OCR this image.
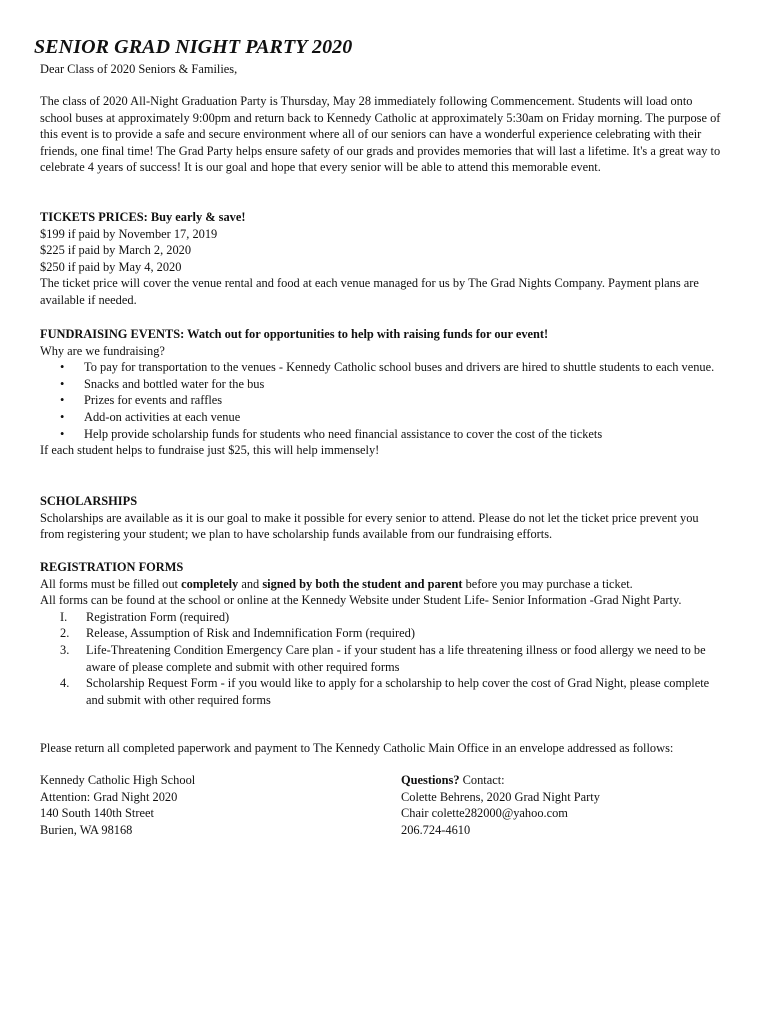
SENIOR GRAD NIGHT PARTY 2020

Dear Class of 2020 Seniors & Families,

The class of 2020 All-Night Graduation Party is Thursday, May 28 immediately following Commencement. Students will load onto school buses at approximately 9:00pm and return back to Kennedy Catholic at approximately 5:30am on Friday morning. The purpose of this event is to provide a safe and secure environment where all of our seniors can have a wonderful experience celebrating with their friends, one final time! The Grad Party helps ensure safety of our grads and provides memories that will last a lifetime. It's a great way to celebrate 4 years of success! It is our goal and hope that every senior will be able to attend this memorable event.

TICKETS PRICES: Buy early & save!
$199 if paid by November 17, 2019
$225 if paid by March 2, 2020
$250 if paid by May 4, 2020
The ticket price will cover the venue rental and food at each venue managed for us by The Grad Nights Company. Payment plans are available if needed.
FUNDRAISING EVENTS: Watch out for opportunities to help with raising funds for our event!
Why are we fundraising?
• To pay for transportation to the venues - Kennedy Catholic school buses and drivers are hired to shuttle students to each venue.
• Snacks and bottled water for the bus
• Prizes for events and raffles
• Add-on activities at each venue
• Help provide scholarship funds for students who need financial assistance to cover the cost of the tickets
If each student helps to fundraise just $25, this will help immensely!
SCHOLARSHIPS
Scholarships are available as it is our goal to make it possible for every senior to attend. Please do not let the ticket price prevent you from registering your student; we plan to have scholarship funds available from our fundraising efforts.
REGISTRATION FORMS
All forms must be filled out completely and signed by both the student and parent before you may purchase a ticket.
All forms can be found at the school or online at the Kennedy Website under Student Life- Senior Information -Grad Night Party.
I.	Registration Form (required)
2.	Release, Assumption of Risk and Indemnification Form (required)
3.	Life-Threatening Condition Emergency Care plan - if your student has a life threatening illness or food allergy we need to be aware of please complete and submit with other required forms
4.	Scholarship Request Form - if you would like to apply for a scholarship to help cover the cost of Grad Night, please complete and submit with other required forms

Please return all completed paperwork and payment to The Kennedy Catholic Main Office in an envelope addressed as follows:

Kennedy Catholic High School
Attention: Grad Night 2020
140 South 140th Street
Burien, WA 98168
Questions? Contact:
Colette Behrens, 2020 Grad Night Party
Chair colette282000@yahoo.com
206.724-4610
